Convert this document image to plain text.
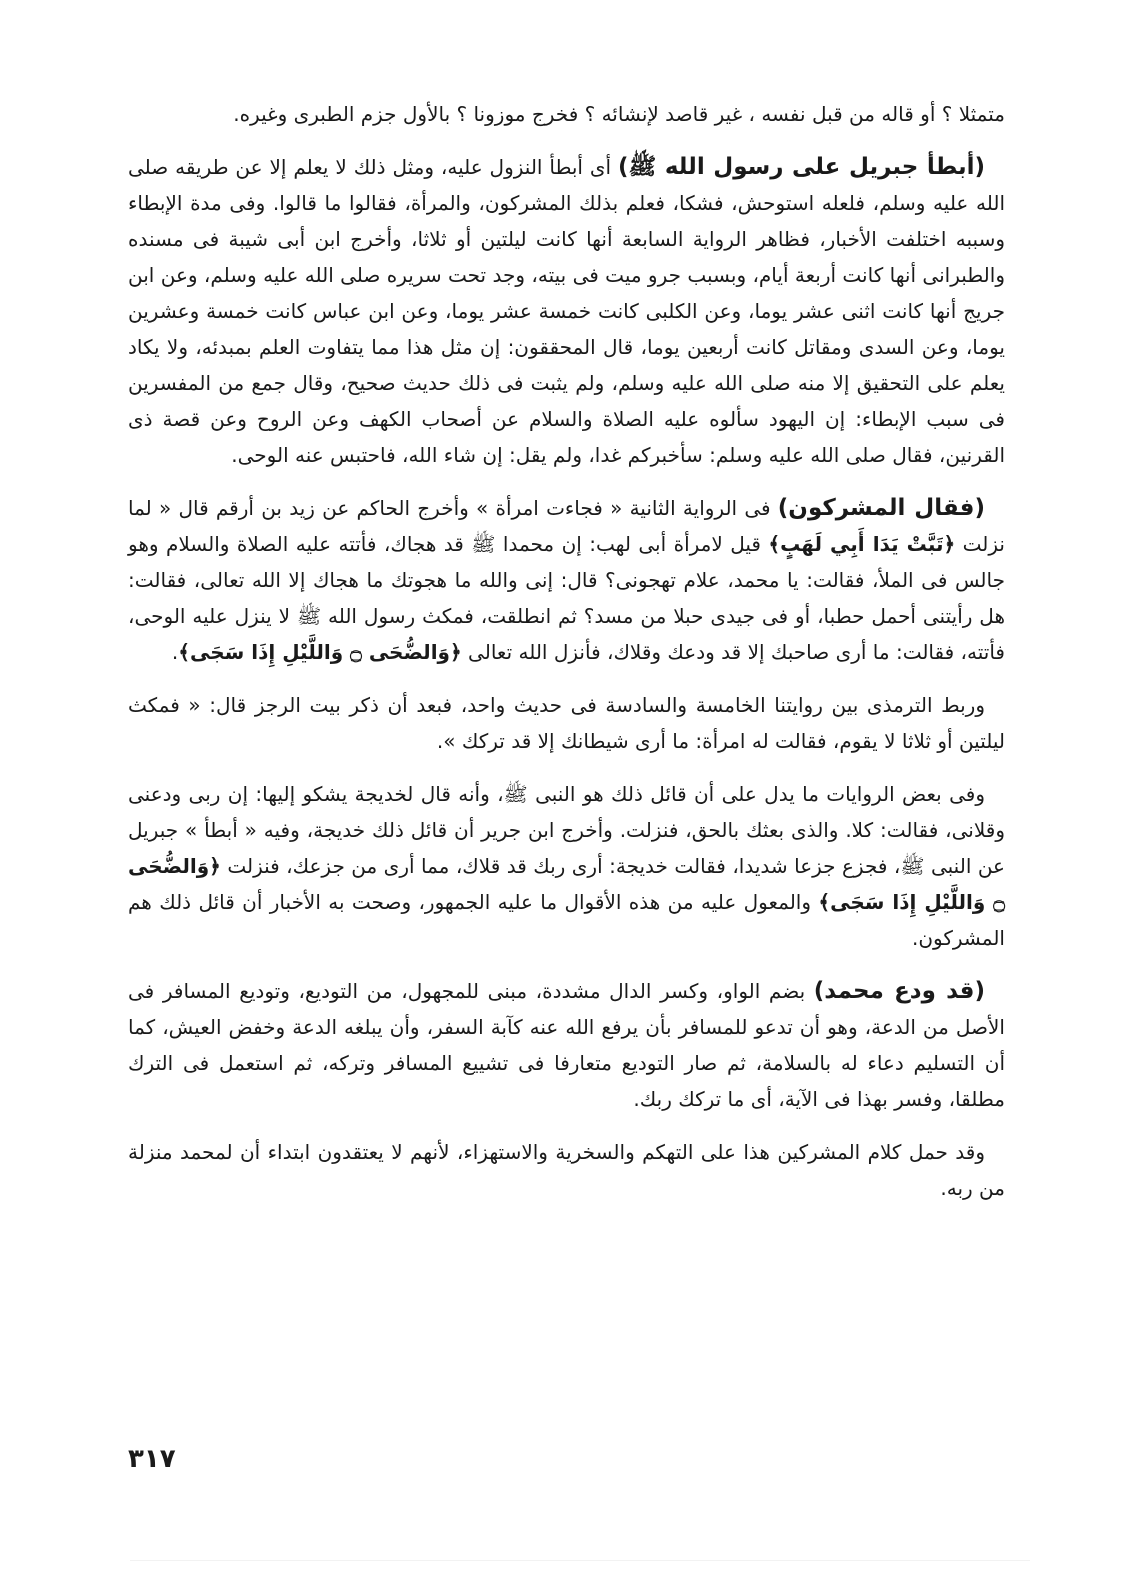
متمثلا ؟ أو قاله من قبل نفسه ، غير قاصد لإنشائه ؟ فخرج موزونا ؟ بالأول جزم الطبرى وغيره.

(أبطأ جبريل على رسول الله ﷺ) أى أبطأ النزول عليه، ومثل ذلك لا يعلم إلا عن طريقه صلى الله عليه وسلم، فلعله استوحش، فشكا، فعلم بذلك المشركون، والمرأة، فقالوا ما قالوا. وفى مدة الإبطاء وسببه اختلفت الأخبار، فظاهر الرواية السابعة أنها كانت ليلتين أو ثلاثا، وأخرج ابن أبى شيبة فى مسنده والطبرانى أنها كانت أربعة أيام، وبسبب جرو ميت فى بيته، وجد تحت سريره صلى الله عليه وسلم، وعن ابن جريج أنها كانت اثنى عشر يوما، وعن الكلبى كانت خمسة عشر يوما، وعن ابن عباس كانت خمسة وعشرين يوما، وعن السدى ومقاتل كانت أربعين يوما، قال المحققون: إن مثل هذا مما يتفاوت العلم بمبدئه، ولا يكاد يعلم على التحقيق إلا منه صلى الله عليه وسلم، ولم يثبت فى ذلك حديث صحيح، وقال جمع من المفسرين فى سبب الإبطاء: إن اليهود سألوه عليه الصلاة والسلام عن أصحاب الكهف وعن الروح وعن قصة ذى القرنين، فقال صلى الله عليه وسلم: سأخبركم غدا، ولم يقل: إن شاء الله، فاحتبس عنه الوحى.

(فقال المشركون) فى الرواية الثانية « فجاءت امرأة » وأخرج الحاكم عن زيد بن أرقم قال « لما نزلت ﴿تَبَّتْ يَدَا أَبِي لَهَبٍ﴾ قيل لامرأة أبى لهب: إن محمدا ﷺ قد هجاك، فأتته عليه الصلاة والسلام وهو جالس فى الملأ، فقالت: يا محمد، علام تهجونى؟ قال: إنى والله ما هجوتك ما هجاك إلا الله تعالى، فقالت: هل رأيتنى أحمل حطبا، أو فى جيدى حبلا من مسد؟ ثم انطلقت، فمكث رسول الله ﷺ لا ينزل عليه الوحى، فأتته، فقالت: ما أرى صاحبك إلا قد ودعك وقلاك، فأنزل الله تعالى ﴿وَالضُّحَى ۝ وَاللَّيْلِ إِذَا سَجَى﴾.

وربط الترمذى بين روايتنا الخامسة والسادسة فى حديث واحد، فبعد أن ذكر بيت الرجز قال: « فمكث ليلتين أو ثلاثا لا يقوم، فقالت له امرأة: ما أرى شيطانك إلا قد تركك ».

وفى بعض الروايات ما يدل على أن قائل ذلك هو النبى ﷺ، وأنه قال لخديجة يشكو إليها: إن ربى ودعنى وقلانى، فقالت: كلا. والذى بعثك بالحق، فنزلت. وأخرج ابن جرير أن قائل ذلك خديجة، وفيه « أبطأ » جبريل عن النبى ﷺ، فجزع جزعا شديدا، فقالت خديجة: أرى ربك قد قلاك، مما أرى من جزعك، فنزلت ﴿وَالضُّحَى ۝ وَاللَّيْلِ إِذَا سَجَى﴾ والمعول عليه من هذه الأقوال ما عليه الجمهور، وصحت به الأخبار أن قائل ذلك هم المشركون.

(قد ودع محمد) بضم الواو، وكسر الدال مشددة، مبنى للمجهول، من التوديع، وتوديع المسافر فى الأصل من الدعة، وهو أن تدعو للمسافر بأن يرفع الله عنه كآبة السفر، وأن يبلغه الدعة وخفض العيش، كما أن التسليم دعاء له بالسلامة، ثم صار التوديع متعارفا فى تشييع المسافر وتركه، ثم استعمل فى الترك مطلقا، وفسر بهذا فى الآية، أى ما تركك ربك.

وقد حمل كلام المشركين هذا على التهكم والسخرية والاستهزاء، لأنهم لا يعتقدون ابتداء أن لمحمد منزلة من ربه.

٣١٧
